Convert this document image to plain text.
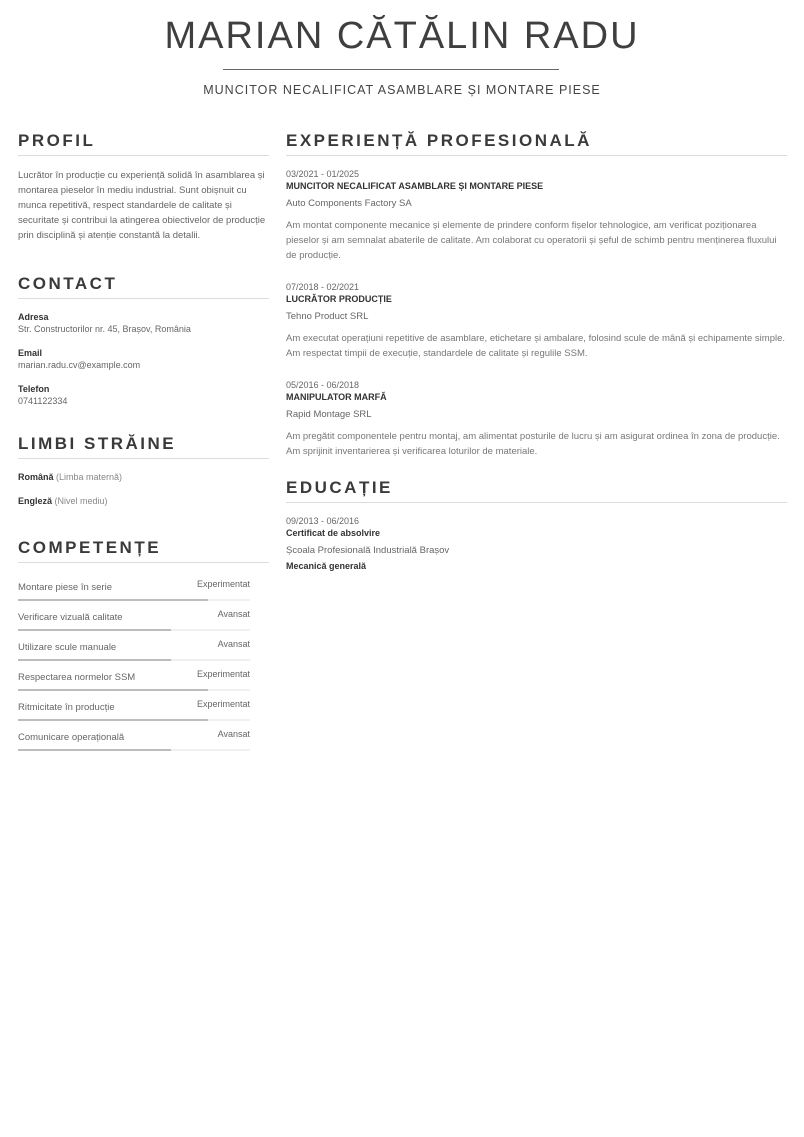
MARIAN CĂTĂLIN RADU
MUNCITOR NECALIFICAT ASAMBLARE ȘI MONTARE PIESE
PROFIL
Lucrător în producție cu experiență solidă în asamblarea și montarea pieselor în mediu industrial. Sunt obișnuit cu munca repetitivă, respect standardele de calitate și securitate și contribui la atingerea obiectivelor de producție prin disciplină și atenție constantă la detalii.
CONTACT
Adresa
Str. Constructorilor nr. 45, Brașov, România
Email
marian.radu.cv@example.com
Telefon
0741122334
LIMBI STRĂINE
Română (Limba maternă)
Engleză (Nivel mediu)
COMPETENȚE
Montare piese în serie	Experimentat
Verificare vizuală calitate	Avansat
Utilizare scule manuale	Avansat
Respectarea normelor SSM	Experimentat
Ritmicitate în producție	Experimentat
Comunicare operațională	Avansat
EXPERIENȚĂ PROFESIONALĂ
03/2021 - 01/2025
MUNCITOR NECALIFICAT ASAMBLARE ȘI MONTARE PIESE
Auto Components Factory SA
Am montat componente mecanice și elemente de prindere conform fișelor tehnologice, am verificat poziționarea pieselor și am semnalat abaterile de calitate. Am colaborat cu operatorii și șeful de schimb pentru menținerea fluxului de producție.
07/2018 - 02/2021
LUCRĂTOR PRODUCȚIE
Tehno Product SRL
Am executat operațiuni repetitive de asamblare, etichetare și ambalare, folosind scule de mână și echipamente simple. Am respectat timpii de execuție, standardele de calitate și regulile SSM.
05/2016 - 06/2018
MANIPULATOR MARFĂ
Rapid Montage SRL
Am pregătit componentele pentru montaj, am alimentat posturile de lucru și am asigurat ordinea în zona de producție. Am sprijinit inventarierea și verificarea loturilor de materiale.
EDUCAȚIE
09/2013 - 06/2016
Certificat de absolvire
Școala Profesională Industrială Brașov
Mecanică generală
